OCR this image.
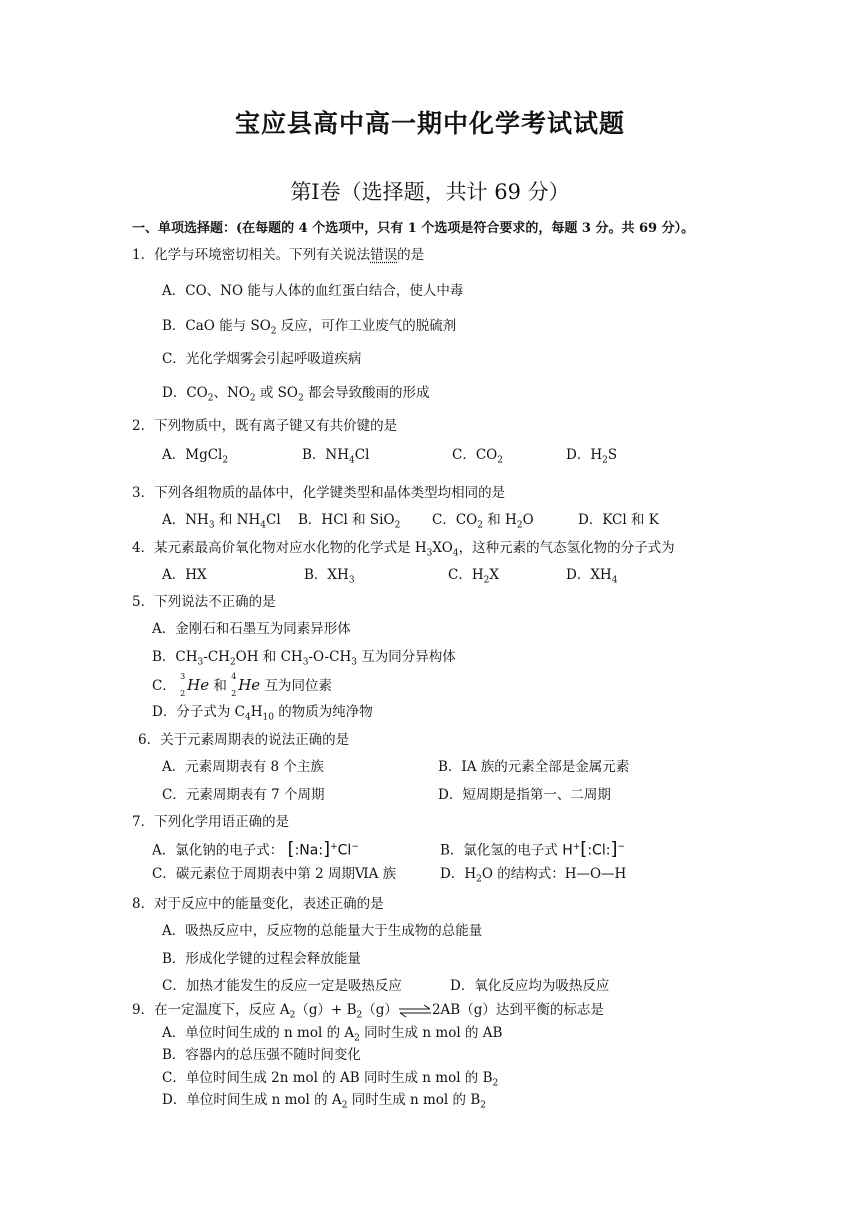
宝应县高中高一期中化学考试试题
第Ⅰ卷（选择题，共计 69 分）
一、单项选择题：(在每题的 4 个选项中，只有 1 个选项是符合要求的，每题 3 分。共 69 分）。
1．化学与环境密切相关。下列有关说法错误的是
A．CO、NO 能与人体的血红蛋白结合，使人中毒
B．CaO 能与 $SO_2$ 反应，可作工业废气的脱硫剂
C．光化学烟雾会引起呼吸道疾病
D．$CO_2$、$NO_2$ 或 $SO_2$ 都会导致酸雨的形成
2．下列物质中，既有离子键又有共价键的是
A．MgCl$_2$	B．$NH_4Cl$	C．$CO_2$	D．$H_2S$
3．下列各组物质的晶体中，化学键类型和晶体类型均相同的是
A．$NH_3$ 和 $NH_4Cl$ B．HCl 和 SiO$_2$ C．$CO_2$ 和 $H_2O$	D．KCl 和 K
4．某元素最高价氧化物对应水化物的化学式是 $H_3XO_4$，这种元素的气态氢化物的分子式为
A．HX	B．$XH_3$	C．$H_2X$	D．$XH_4$
5．下列说法不正确的是
A．金刚石和石墨互为同素异形体
B．$CH_3-CH_2OH$ 和 $CH_3-O-CH_3$ 互为同分异构体
C．
3
2 He 和
4
2 He 互为同位素
D．分子式为 $C_4H_{10}$ 的物质为纯净物
6．关于元素周期表的说法正确的是
A．元素周期表有 8 个主族	B．ⅠA 族的元素全部是金属元素
C．元素周期表有 7 个周期	D．短周期是指第一、二周期
7．下列化学用语正确的是
A．氯化钠的电子式： [:Na:]+Cl−	B．氯化氢的电子式 H+[:Cl:]−
C．碳元素位于周期表中第 2 周期ⅥA 族	D．$H_2O$ 的结构式：H—O—H
8．对于反应中的能量变化，表述正确的是
A．吸热反应中，反应物的总能量大于生成物的总能量
B．形成化学键的过程会释放能量
C．加热才能发生的反应一定是吸热反应	D．氧化反应均为吸热反应
9．在一定温度下，反应 $A_2(g)+$ $B_2(g)\rightleftharpoons 2AB(g)$达到平衡的标志是
A．单位时间生成的 n mol 的 $A_2$ 同时生成 n mol 的 AB
B．容器内的总压强不随时间变化
C．单位时间生成 2n mol 的 AB 同时生成 n mol 的 $B_2$
D．单位时间生成 n mol 的 $A_2$ 同时生成 n mol 的 $B_2$
